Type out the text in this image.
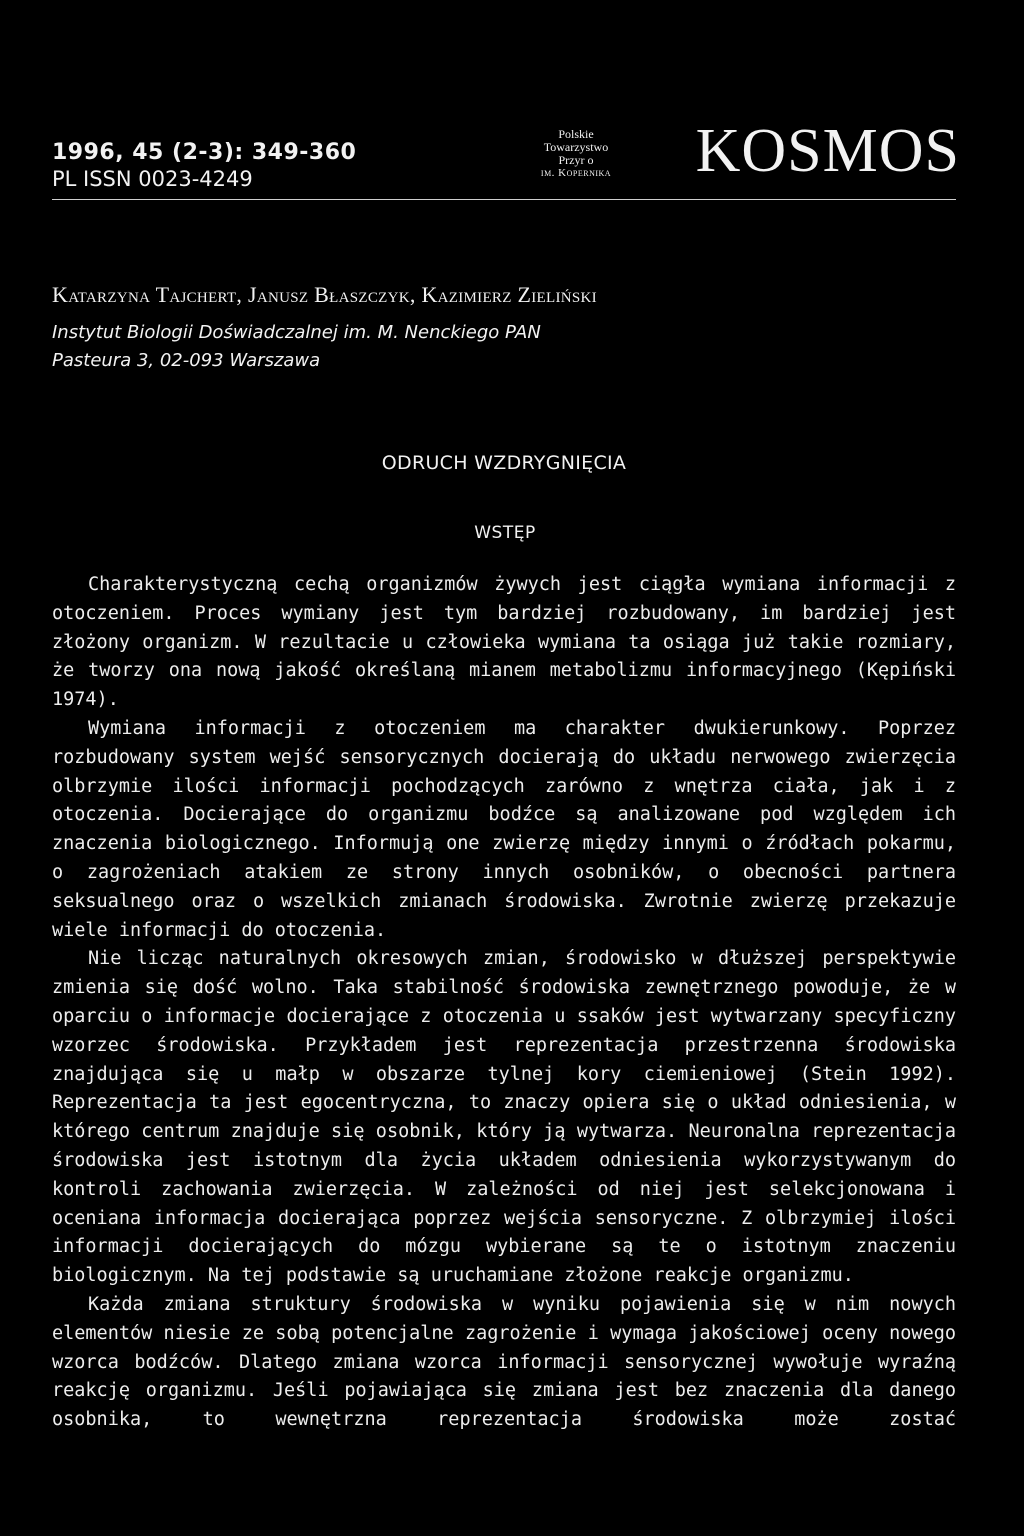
1996, 45 (2-3): 349-360
PL ISSN 0023-4249
Polskie
Towarzystwo
Przyr o
im. Kopernika	KOSMOS
Katarzyna Tajchert, Janusz Błaszczyk, Kazimierz Zieliński
Instytut Biologii Doświadczalnej im. M. Nenckiego PAN
Pasteura 3, 02-093 Warszawa
ODRUCH WZDRYGNIĘCIA
WSTĘP

Charakterystyczną cechą organizmów żywych jest ciągła wymiana informacji z otoczeniem. Proces wymiany jest tym bardziej rozbudowany, im bardziej jest złożony organizm. W rezultacie u człowieka wymiana ta osiąga już takie rozmiary, że tworzy ona nową jakość określaną mianem metabolizmu informacyjnego (Kępiński 1974).

Wymiana informacji z otoczeniem ma charakter dwukierunkowy. Poprzez rozbudowany system wejść sensorycznych docierają do układu nerwowego zwierzęcia olbrzymie ilości informacji pochodzących zarówno z wnętrza ciała, jak i z otoczenia. Docierające do organizmu bodźce są analizowane pod względem ich znaczenia biologicznego. Informują one zwierzę między innymi o źródłach pokarmu, o zagrożeniach atakiem ze strony innych osobników, o obecności partnera seksualnego oraz o wszelkich zmianach środowiska. Zwrotnie zwierzę przekazuje wiele informacji do otoczenia.

Nie licząc naturalnych okresowych zmian, środowisko w dłuższej perspektywie zmienia się dość wolno. Taka stabilność środowiska zewnętrznego powoduje, że w oparciu o informacje docierające z otoczenia u ssaków jest wytwarzany specyficzny wzorzec środowiska. Przykładem jest reprezentacja przestrzenna środowiska znajdująca się u małp w obszarze tylnej kory ciemieniowej (Stein 1992). Reprezentacja ta jest egocentryczna, to znaczy opiera się o układ odniesienia, w którego centrum znajduje się osobnik, który ją wytwarza. Neuronalna reprezentacja środowiska jest istotnym dla życia układem odniesienia wykorzystywanym do kontroli zachowania zwierzęcia. W zależności od niej jest selekcjonowana i oceniana informacja docierająca poprzez wejścia sensoryczne. Z olbrzymiej ilości informacji docierających do mózgu wybierane są te o istotnym znaczeniu biologicznym. Na tej podstawie są uruchamiane złożone reakcje organizmu.

Każda zmiana struktury środowiska w wyniku pojawienia się w nim nowych elementów niesie ze sobą potencjalne zagrożenie i wymaga jakościowej oceny nowego wzorca bodźców. Dlatego zmiana wzorca informacji sensorycznej wywołuje wyraźną reakcję organizmu. Jeśli pojawiająca się zmiana jest bez znaczenia dla danego osobnika, to wewnętrzna reprezentacja środowiska może zostać
